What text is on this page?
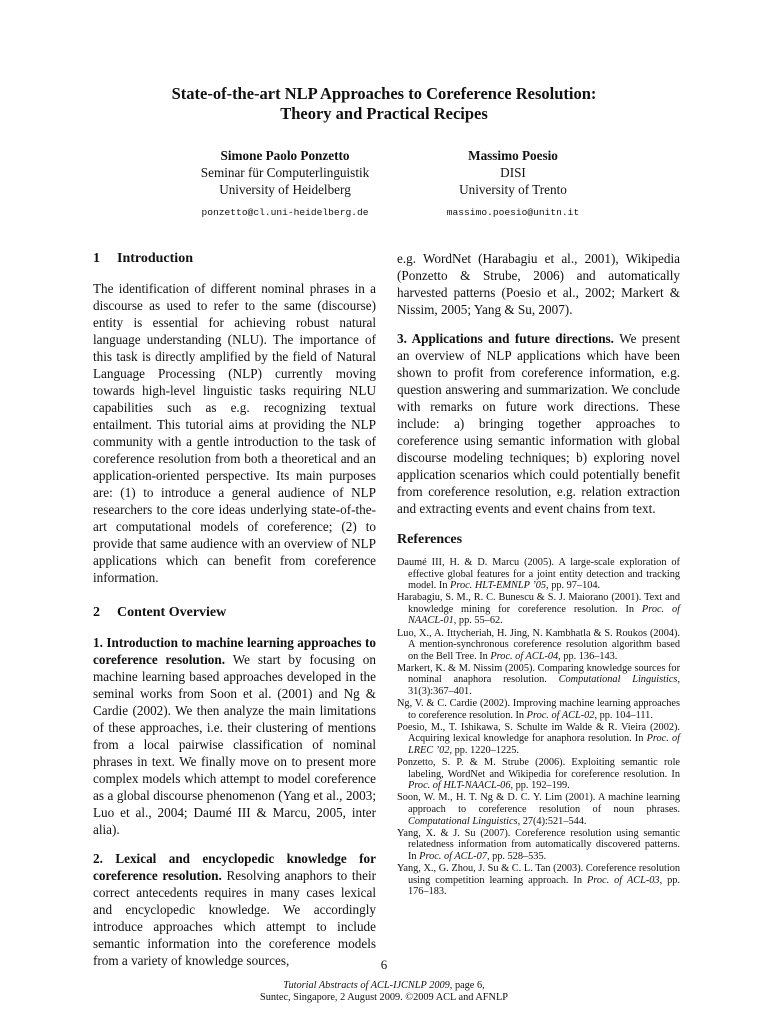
State-of-the-art NLP Approaches to Coreference Resolution:
Theory and Practical Recipes
Simone Paolo Ponzetto
Seminar für Computerlinguistik
University of Heidelberg
ponzetto@cl.uni-heidelberg.de
Massimo Poesio
DISI
University of Trento
massimo.poesio@unitn.it
1 Introduction

The identification of different nominal phrases in a discourse as used to refer to the same (discourse) entity is essential for achieving robust natural language understanding (NLU). The importance of this task is directly amplified by the field of Natural Language Processing (NLP) currently moving towards high-level linguistic tasks requiring NLU capabilities such as e.g. recognizing textual entailment. This tutorial aims at providing the NLP community with a gentle introduction to the task of coreference resolution from both a theoretical and an application-oriented perspective. Its main purposes are: (1) to introduce a general audience of NLP researchers to the core ideas underlying state-of-the-art computational models of coreference; (2) to provide that same audience with an overview of NLP applications which can benefit from coreference information.

2 Content Overview

1. Introduction to machine learning approaches to coreference resolution. We start by focusing on machine learning based approaches developed in the seminal works from Soon et al. (2001) and Ng & Cardie (2002). We then analyze the main limitations of these approaches, i.e. their clustering of mentions from a local pairwise classification of nominal phrases in text. We finally move on to present more complex models which attempt to model coreference as a global discourse phenomenon (Yang et al., 2003; Luo et al., 2004; Daumé III & Marcu, 2005, inter alia).

2. Lexical and encyclopedic knowledge for coreference resolution. Resolving anaphors to their correct antecedents requires in many cases lexical and encyclopedic knowledge. We accordingly introduce approaches which attempt to include semantic information into the coreference models from a variety of knowledge sources,

e.g. WordNet (Harabagiu et al., 2001), Wikipedia (Ponzetto & Strube, 2006) and automatically harvested patterns (Poesio et al., 2002; Markert & Nissim, 2005; Yang & Su, 2007).

3. Applications and future directions. We present an overview of NLP applications which have been shown to profit from coreference information, e.g. question answering and summarization. We conclude with remarks on future work directions. These include: a) bringing together approaches to coreference using semantic information with global discourse modeling techniques; b) exploring novel application scenarios which could potentially benefit from coreference resolution, e.g. relation extraction and extracting events and event chains from text.

References
Daumé III, H. & D. Marcu (2005). A large-scale exploration of effective global features for a joint entity detection and tracking model. In Proc. HLT-EMNLP ’05, pp. 97–104.
Harabagiu, S. M., R. C. Bunescu & S. J. Maiorano (2001). Text and knowledge mining for coreference resolution. In Proc. of NAACL-01, pp. 55–62.
Luo, X., A. Ittycheriah, H. Jing, N. Kambhatla & S. Roukos (2004). A mention-synchronous coreference resolution algorithm based on the Bell Tree. In Proc. of ACL-04, pp. 136–143.
Markert, K. & M. Nissim (2005). Comparing knowledge sources for nominal anaphora resolution. Computational Linguistics, 31(3):367–401.
Ng, V. & C. Cardie (2002). Improving machine learning approaches to coreference resolution. In Proc. of ACL-02, pp. 104–111.
Poesio, M., T. Ishikawa, S. Schulte im Walde & R. Vieira (2002). Acquiring lexical knowledge for anaphora resolution. In Proc. of LREC ’02, pp. 1220–1225.
Ponzetto, S. P. & M. Strube (2006). Exploiting semantic role labeling, WordNet and Wikipedia for coreference resolution. In Proc. of HLT-NAACL-06, pp. 192–199.
Soon, W. M., H. T. Ng & D. C. Y. Lim (2001). A machine learning approach to coreference resolution of noun phrases. Computational Linguistics, 27(4):521–544.
Yang, X. & J. Su (2007). Coreference resolution using semantic relatedness information from automatically discovered patterns. In Proc. of ACL-07, pp. 528–535.
Yang, X., G. Zhou, J. Su & C. L. Tan (2003). Coreference resolution using competition learning approach. In Proc. of ACL-03, pp. 176–183.
6
Tutorial Abstracts of ACL-IJCNLP 2009, page 6,
Suntec, Singapore, 2 August 2009. ©2009 ACL and AFNLP
